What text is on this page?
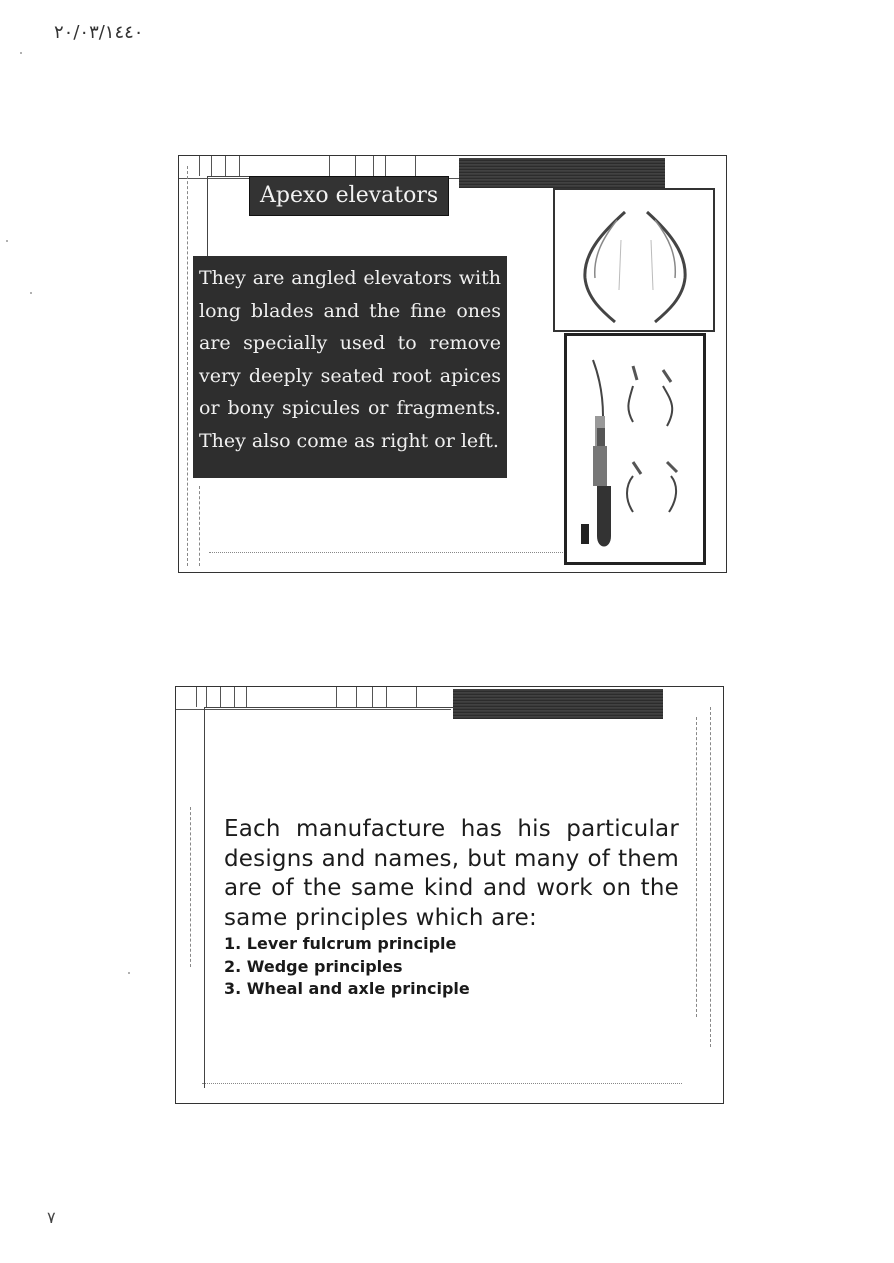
٢٠/٠٣/١٤٤٠
Apexo elevators
They are angled elevators with long blades and the fine ones are specially used to remove very deeply seated root apices or bony spicules or fragments. They also come as right or left.
Each manufacture has his particular designs and names, but many of them are of the same kind and work on the same principles which are:
1. Lever fulcrum principle
2. Wedge principles
3. Wheal and axle principle
٧
